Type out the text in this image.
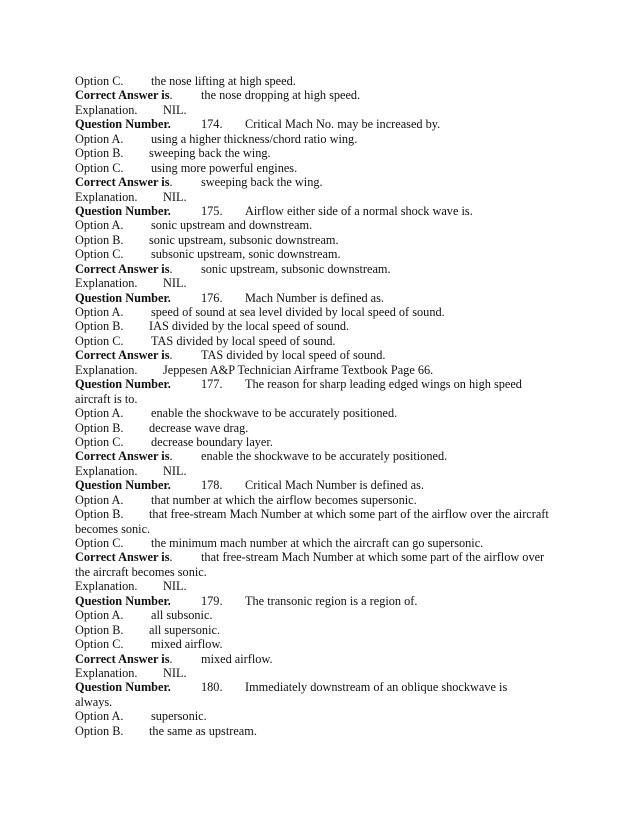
Option C. the nose lifting at high speed.
Correct Answer is. the nose dropping at high speed.
Explanation. NIL.
Question Number. 174. Critical Mach No. may be increased by.
Option A. using a higher thickness/chord ratio wing.
Option B. sweeping back the wing.
Option C. using more powerful engines.
Correct Answer is. sweeping back the wing.
Explanation. NIL.
Question Number. 175. Airflow either side of a normal shock wave is.
Option A. sonic upstream and downstream.
Option B. sonic upstream, subsonic downstream.
Option C. subsonic upstream, sonic downstream.
Correct Answer is. sonic upstream, subsonic downstream.
Explanation. NIL.
Question Number. 176. Mach Number is defined as.
Option A. speed of sound at sea level divided by local speed of sound.
Option B. IAS divided by the local speed of sound.
Option C. TAS divided by local speed of sound.
Correct Answer is. TAS divided by local speed of sound.
Explanation. Jeppesen A&P Technician Airframe Textbook Page 66.
Question Number. 177. The reason for sharp leading edged wings on high speed
aircraft is to.
Option A. enable the shockwave to be accurately positioned.
Option B. decrease wave drag.
Option C. decrease boundary layer.
Correct Answer is. enable the shockwave to be accurately positioned.
Explanation. NIL.
Question Number. 178. Critical Mach Number is defined as.
Option A. that number at which the airflow becomes supersonic.
Option B. that free-stream Mach Number at which some part of the airflow over the aircraft
becomes sonic.
Option C. the minimum mach number at which the aircraft can go supersonic.
Correct Answer is. that free-stream Mach Number at which some part of the airflow over
the aircraft becomes sonic.
Explanation. NIL.
Question Number. 179. The transonic region is a region of.
Option A. all subsonic.
Option B. all supersonic.
Option C. mixed airflow.
Correct Answer is. mixed airflow.
Explanation. NIL.
Question Number. 180. Immediately downstream of an oblique shockwave is
always.
Option A. supersonic.
Option B. the same as upstream.
